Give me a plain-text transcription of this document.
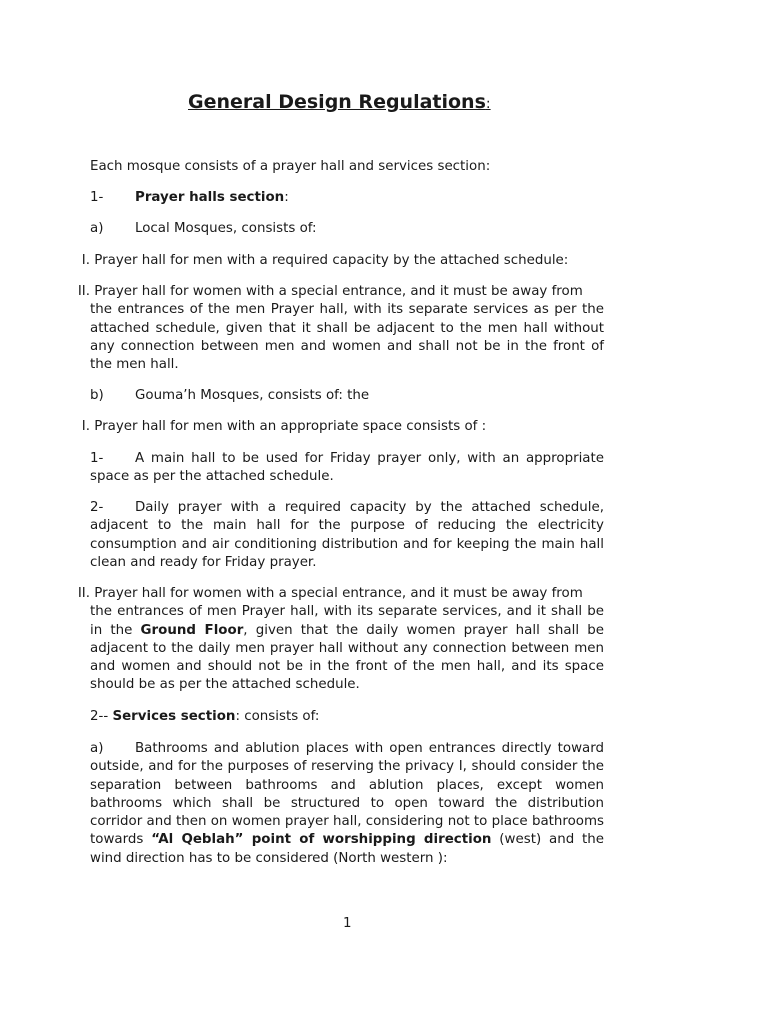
General Design Regulations:

Each mosque consists of a prayer hall and services section:

1- Prayer halls section:

a) Local Mosques, consists of:

I. Prayer hall for men with a required capacity by the attached schedule:

II. Prayer hall for women with a special entrance, and it must be away from
the entrances of the men Prayer hall, with its separate services as per the attached schedule, given that it shall be adjacent to the men hall without any connection between men and women and shall not be in the front of the men hall.

b) Gouma’h Mosques, consists of: the

I. Prayer hall for men with an appropriate space consists of :

1- A main hall to be used for Friday prayer only, with an appropriate space as per the attached schedule.

2- Daily prayer with a required capacity by the attached schedule, adjacent to the main hall for the purpose of reducing the electricity consumption and air conditioning distribution and for keeping the main hall clean and ready for Friday prayer.

II. Prayer hall for women with a special entrance, and it must be away from
the entrances of men Prayer hall, with its separate services, and it shall be in the Ground Floor, given that the daily women prayer hall shall be adjacent to the daily men prayer hall without any connection between men and women and should not be in the front of the men hall, and its space should be as per the attached schedule.

2-- Services section: consists of:

a) Bathrooms and ablution places with open entrances directly toward outside, and for the purposes of reserving the privacy I, should consider the separation between bathrooms and ablution places, except women bathrooms which shall be structured to open toward the distribution corridor and then on women prayer hall, considering not to place bathrooms towards “Al Qeblah” point of worshipping direction (west) and the wind direction has to be considered (North western ):

1
